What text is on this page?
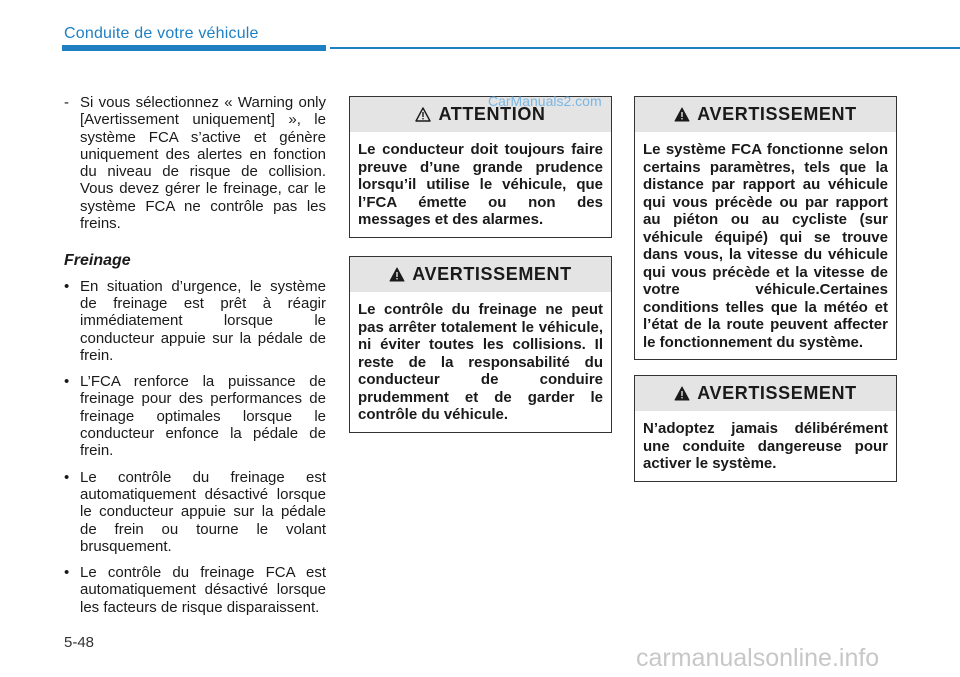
Conduite de votre véhicule

- Si vous sélectionnez « Warning only [Avertissement uniquement] », le système FCA s’active et génère uniquement des alertes en fonction du niveau de risque de collision. Vous devez gérer le freinage, car le système FCA ne contrôle pas les freins.

Freinage

• En situation d’urgence, le système de freinage est prêt à réagir immédiatement lorsque le conducteur appuie sur la pédale de frein.

• L’FCA renforce la puissance de freinage pour des performances de freinage optimales lorsque le conducteur enfonce la pédale de frein.

• Le contrôle du freinage est automatiquement désactivé lorsque le conducteur appuie sur la pédale de frein ou tourne le volant brusquement.

• Le contrôle du freinage FCA est automatiquement désactivé lorsque les facteurs de risque disparaissent.

ATTENTION
Le conducteur doit toujours faire preuve d’une grande prudence lorsqu’il utilise le véhicule, que l’FCA émette ou non des messages et des alarmes.
AVERTISSEMENT
Le contrôle du freinage ne peut pas arrêter totalement le véhicule, ni éviter toutes les collisions. Il reste de la responsabilité du conducteur de conduire prudemment et de garder le contrôle du véhicule.
AVERTISSEMENT
Le système FCA fonctionne selon certains paramètres, tels que la distance par rapport au véhicule qui vous précède ou par rapport au piéton ou au cycliste (sur véhicule équipé) qui se trouve dans vous, la vitesse du véhicule qui vous précède et la vitesse de votre véhicule.Certaines conditions telles que la météo et l’état de la route peuvent affecter le fonctionnement du système.
AVERTISSEMENT
N’adoptez jamais délibérément une conduite dangereuse pour activer le système.
CarManuals2.com
carmanualsonline.info
5-48
